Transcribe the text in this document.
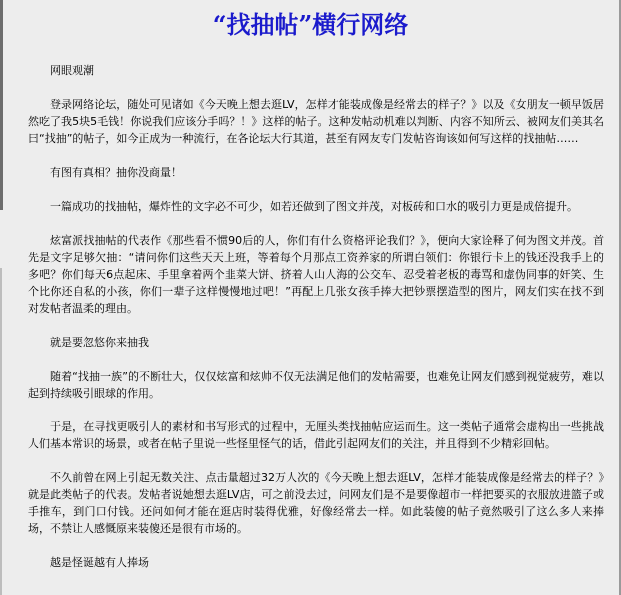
“找抽帖”横行网络

网眼观潮

登录网络论坛，随处可见诸如《今天晚上想去逛LV，怎样才能装成像是经常去的样子？》以及《女朋友一顿早饭居然吃了我5块5毛钱！你说我们应该分手吗？！》这样的帖子。这种发帖动机难以判断、内容不知所云、被网友们美其名曰“找抽”的帖子，如今正成为一种流行，在各论坛大行其道，甚至有网友专门发帖咨询该如何写这样的找抽帖……

有图有真相？抽你没商量！

一篇成功的找抽帖，爆炸性的文字必不可少，如若还做到了图文并茂，对板砖和口水的吸引力更是成倍提升。

炫富派找抽帖的代表作《那些看不惯90后的人，你们有什么资格评论我们？》，便向大家诠释了何为图文并茂。首先是文字足够欠抽：“请问你们这些天天上班，等着每个月那点工资养家的所谓白领们：你银行卡上的钱还没我手上的多吧？你们每天6点起床、手里拿着两个韭菜大饼、挤着人山人海的公交车、忍受着老板的毒骂和虚伪同事的奸笑、生个比你还自私的小孩，你们一辈子这样慢慢地过吧！”再配上几张女孩手捧大把钞票摆造型的图片，网友们实在找不到对发帖者温柔的理由。

就是要忽悠你来抽我

随着“找抽一族”的不断壮大，仅仅炫富和炫帅不仅无法满足他们的发帖需要，也难免让网友们感到视觉疲劳，难以起到持续吸引眼球的作用。

于是，在寻找更吸引人的素材和书写形式的过程中，无厘头类找抽帖应运而生。这一类帖子通常会虚构出一些挑战人们基本常识的场景，或者在帖子里说一些怪里怪气的话，借此引起网友们的关注，并且得到不少精彩回帖。

不久前曾在网上引起无数关注、点击量超过32万人次的《今天晚上想去逛LV，怎样才能装成像是经常去的样子？》就是此类帖子的代表。发帖者说她想去逛LV店，可之前没去过，问网友们是不是要像超市一样把要买的衣服放进篮子或手推车，到门口付钱。还问如何才能在逛店时装得优雅，好像经常去一样。如此装傻的帖子竟然吸引了这么多人来捧场，不禁让人感慨原来装傻还是很有市场的。

越是怪诞越有人捧场
